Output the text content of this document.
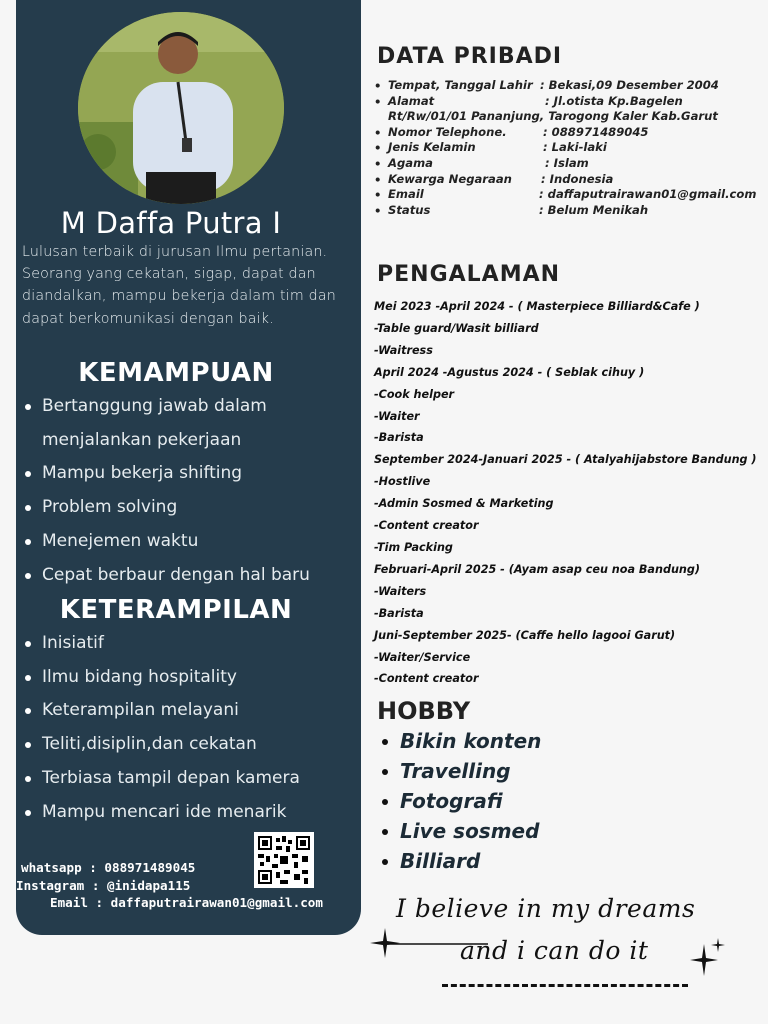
M Daffa Putra I
Lulusan terbaik di jurusan Ilmu pertanian. Seorang yang cekatan, sigap, dapat dan diandalkan, mampu bekerja dalam tim dan dapat berkomunikasi dengan baik.
KEMAMPUAN
Bertanggung jawab dalam menjalankan pekerjaan
Mampu bekerja shifting
Problem solving
Menejemen waktu
Cepat berbaur dengan hal baru
KETERAMPILAN
Inisiatif
Ilmu bidang hospitality
Keterampilan melayani
Teliti,disiplin,dan cekatan
Terbiasa tampil depan kamera
Mampu mencari ide menarik
whatsapp : 088971489045
Instagram : @inidapa115
Email : daffaputrairawan01@gmail.com
DATA PRIBADI
• Tempat, Tanggal Lahir : Bekasi,09 Desember 2004
• Alamat	: Jl.otista Kp.Bagelen
Rt/Rw/01/01 Pananjung, Tarogong Kaler Kab.Garut
• Nomor Telephone.	: 088971489045
• Jenis Kelamin	: Laki-laki
• Agama	: Islam
• Kewarga Negaraan	: Indonesia
• Email	: daffaputrairawan01@gmail.com
• Status	: Belum Menikah
PENGALAMAN
Mei 2023 -April 2024 - ( Masterpiece Billiard&Cafe )
-Table guard/Wasit billiard
-Waitress
April 2024 -Agustus 2024 - ( Seblak cihuy )
-Cook helper
-Waiter
-Barista
September 2024-Januari 2025 - ( Atalyahijabstore Bandung )
-Hostlive
-Admin Sosmed & Marketing
-Content creator
-Tim Packing
Februari-April 2025 - (Ayam asap ceu noa Bandung)
-Waiters
-Barista
Juni-September 2025- (Caffe hello lagooi Garut)
-Waiter/Service
-Content creator
HOBBY
Bikin konten
Travelling
Fotografi
Live sosmed
Billiard
I believe in my dreams
and i can do it
